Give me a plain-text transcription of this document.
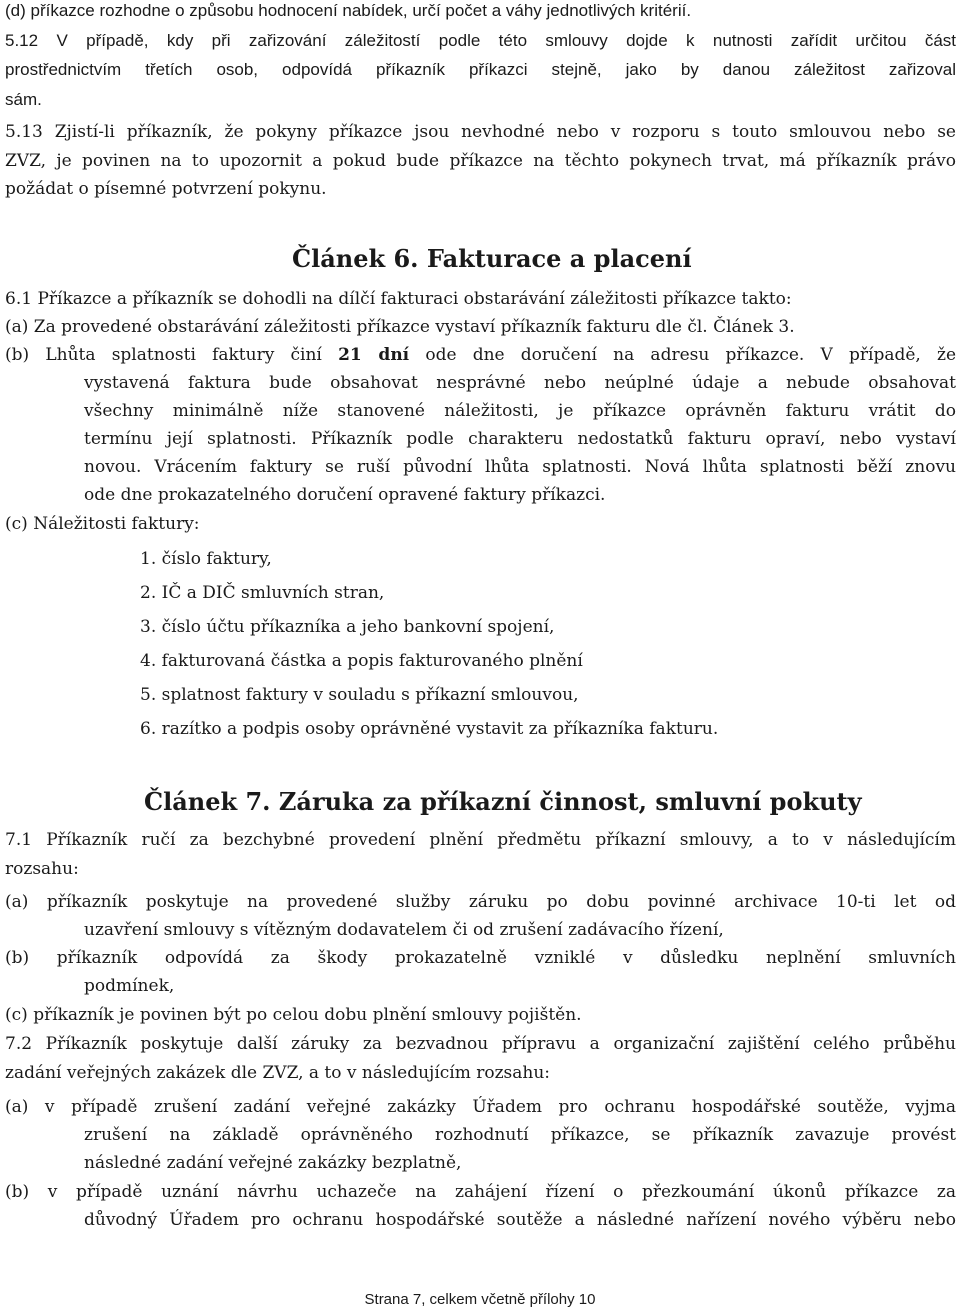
(d) příkazce rozhodne o způsobu hodnocení nabídek, určí počet a váhy jednotlivých kritérií.
5.12 V případě, kdy při zařizování záležitostí podle této smlouvy dojde k nutnosti zařídit určitou část
prostřednictvím třetích osob, odpovídá příkazník příkazci stejně, jako by danou záležitost zařizoval
sám.
5.13 Zjistí-li příkazník, že pokyny příkazce jsou nevhodné nebo v rozporu s touto smlouvou nebo se
ZVZ, je povinen na to upozornit a pokud bude příkazce na těchto pokynech trvat, má příkazník právo
požádat o písemné potvrzení pokynu.
Článek 6. Fakturace a placení
6.1 Příkazce a příkazník se dohodli na dílčí fakturaci obstarávání záležitosti příkazce takto:
(a) Za provedené obstarávání záležitosti příkazce vystaví příkazník fakturu dle čl. Článek 3.
(b) Lhůta splatnosti faktury činí 21 dní ode dne doručení na adresu příkazce. V případě, že
vystavená faktura bude obsahovat nesprávné nebo neúplné údaje a nebude obsahovat
všechny minimálně níže stanovené náležitosti, je příkazce oprávněn fakturu vrátit do
termínu její splatnosti. Příkazník podle charakteru nedostatků fakturu opraví, nebo vystaví
novou. Vrácením faktury se ruší původní lhůta splatnosti. Nová lhůta splatnosti běží znovu
ode dne prokazatelného doručení opravené faktury příkazci.
(c) Náležitosti faktury:
1. číslo faktury,
2. IČ a DIČ smluvních stran,
3. číslo účtu příkazníka a jeho bankovní spojení,
4. fakturovaná částka a popis fakturovaného plnění
5. splatnost faktury v souladu s příkazní smlouvou,
6. razítko a podpis osoby oprávněné vystavit za příkazníka fakturu.
Článek 7. Záruka za příkazní činnost, smluvní pokuty
7.1 Příkazník ručí za bezchybné provedení plnění předmětu příkazní smlouvy, a to v následujícím
rozsahu:
(a) příkazník poskytuje na provedené služby záruku po dobu povinné archivace 10-ti let od
uzavření smlouvy s vítězným dodavatelem či od zrušení zadávacího řízení,
(b) příkazník odpovídá za škody prokazatelně vzniklé v důsledku neplnění smluvních
podmínek,
(c) příkazník je povinen být po celou dobu plnění smlouvy pojištěn.
7.2 Příkazník poskytuje další záruky za bezvadnou přípravu a organizační zajištění celého průběhu
zadání veřejných zakázek dle ZVZ, a to v následujícím rozsahu:
(a) v případě zrušení zadání veřejné zakázky Úřadem pro ochranu hospodářské soutěže, vyjma
zrušení na základě oprávněného rozhodnutí příkazce, se příkazník zavazuje provést
následné zadání veřejné zakázky bezplatně,
(b) v případě uznání návrhu uchazeče na zahájení řízení o přezkoumání úkonů příkazce za
důvodný Úřadem pro ochranu hospodářské soutěže a následné nařízení nového výběru nebo
Strana 7, celkem včetně přílohy 10
